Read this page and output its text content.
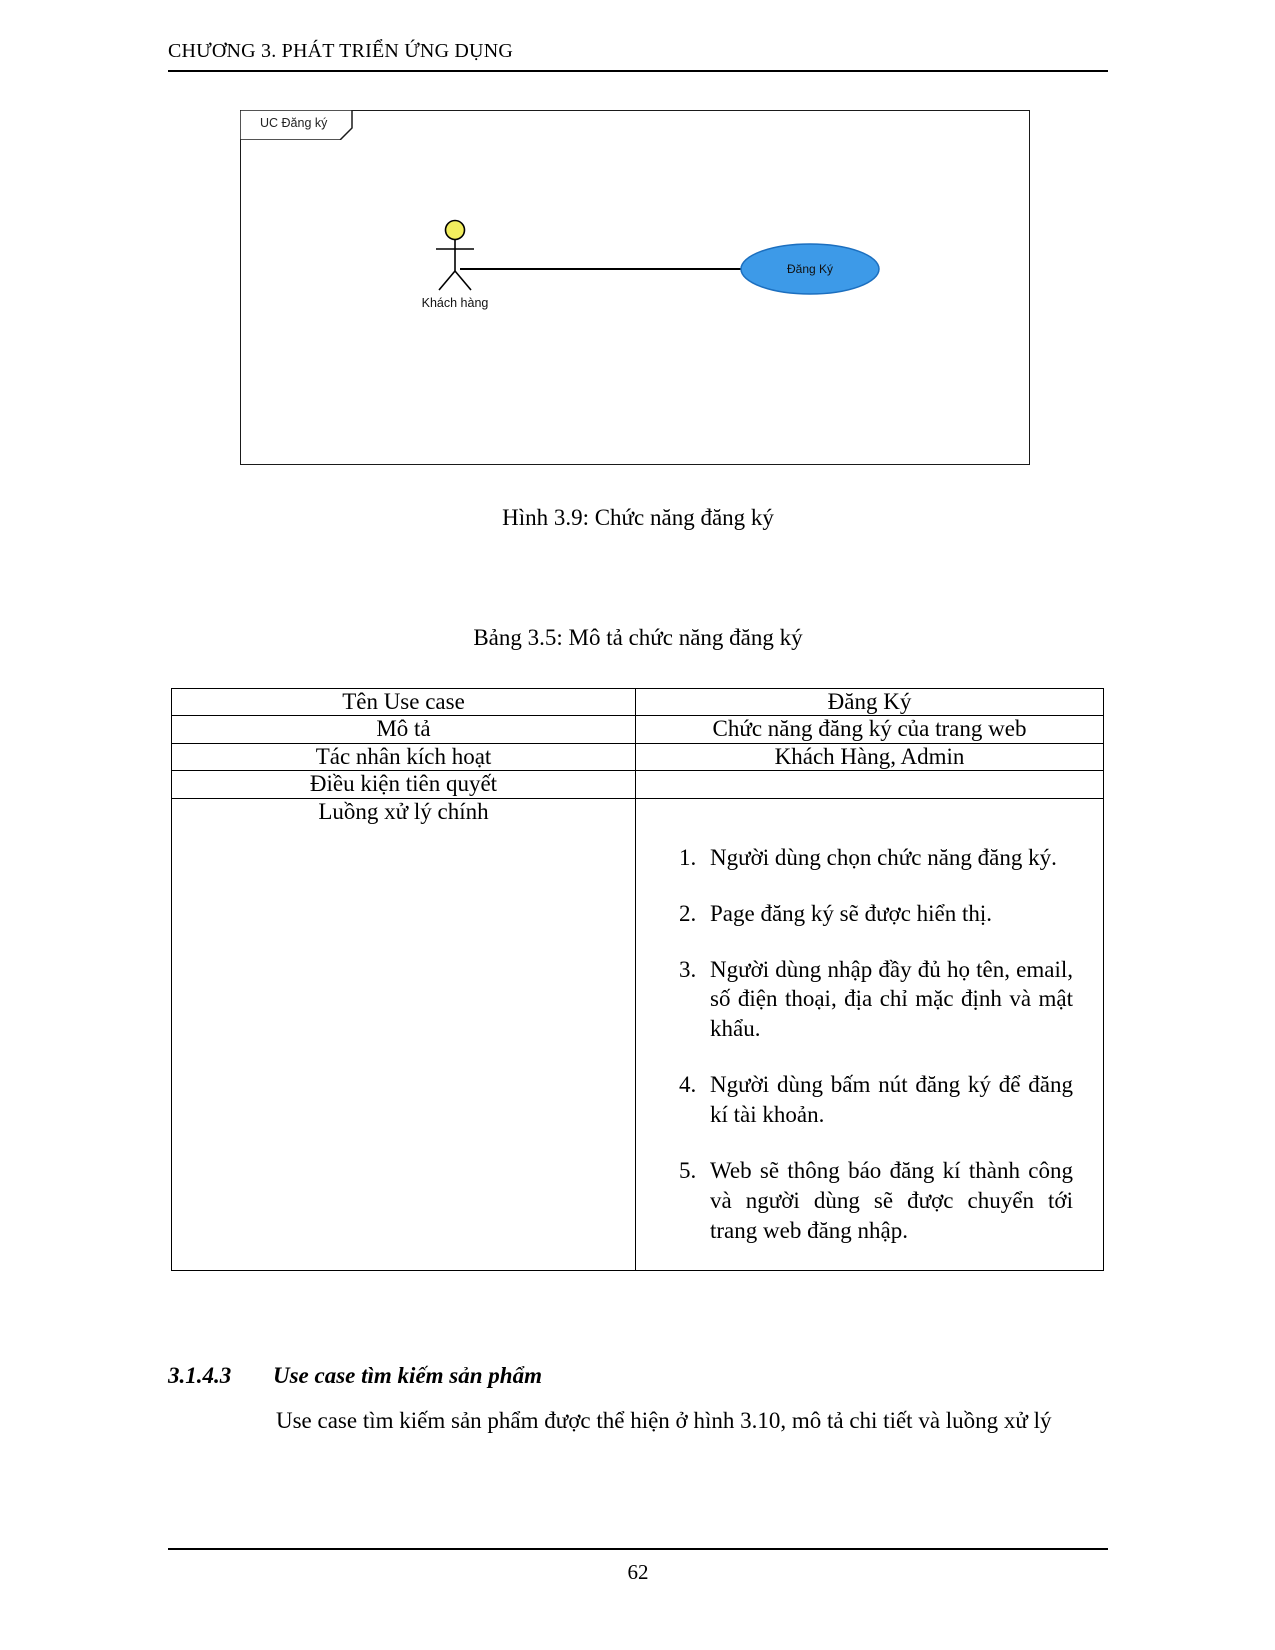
CHƯƠNG 3. PHÁT TRIỂN ỨNG DỤNG
UC Đăng ký
Khách hàng
Đăng Ký
Hình 3.9: Chức năng đăng ký
Bảng 3.5: Mô tả chức năng đăng ký
Tên Use case	Đăng Ký
Mô tả	Chức năng đăng ký của trang web
Tác nhân kích hoạt	Khách Hàng, Admin
Điều kiện tiên quyết	
Luồng xử lý chính	
1. Người dùng chọn chức năng đăng ký.
2. Page đăng ký sẽ được hiển thị.
3. Người dùng nhập đầy đủ họ tên, email, số điện thoại, địa chỉ mặc định và mật khẩu.
4. Người dùng bấm nút đăng ký để đăng kí tài khoản.
5. Web sẽ thông báo đăng kí thành công và người dùng sẽ được chuyển tới trang web đăng nhập.
3.1.4.3 Use case tìm kiếm sản phẩm
Use case tìm kiếm sản phẩm được thể hiện ở hình 3.10, mô tả chi tiết và luồng xử lý
62
